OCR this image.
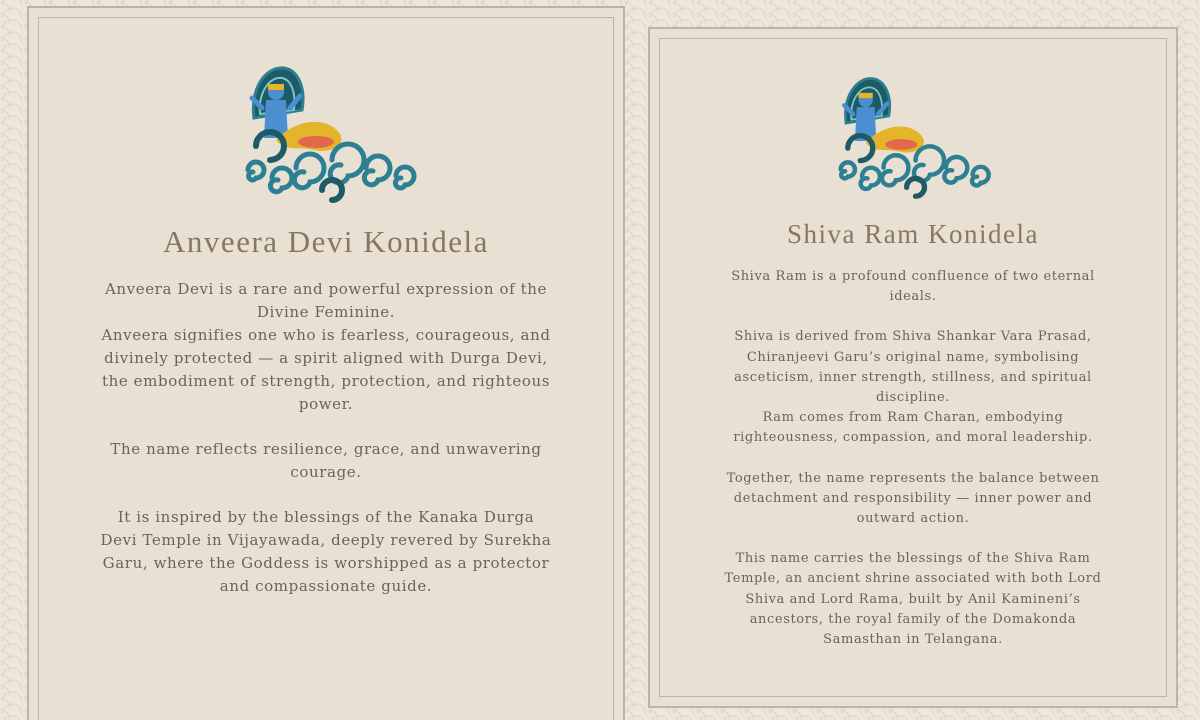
Anveera Devi Konidela

Anveera Devi is a rare and powerful expression of the Divine Feminine.
Anveera signifies one who is fearless, courageous, and divinely protected — a spirit aligned with Durga Devi, the embodiment of strength, protection, and righteous power.

The name reflects resilience, grace, and unwavering courage.

It is inspired by the blessings of the Kanaka Durga Devi Temple in Vijayawada, deeply revered by Surekha Garu, where the Goddess is worshipped as a protector and compassionate guide.

Shiva Ram Konidela

Shiva Ram is a profound confluence of two eternal ideals.

Shiva is derived from Shiva Shankar Vara Prasad, Chiranjeevi Garu’s original name, symbolising asceticism, inner strength, stillness, and spiritual discipline.
Ram comes from Ram Charan, embodying righteousness, compassion, and moral leadership.

Together, the name represents the balance between detachment and responsibility — inner power and outward action.

This name carries the blessings of the Shiva Ram Temple, an ancient shrine associated with both Lord Shiva and Lord Rama, built by Anil Kamineni’s ancestors, the royal family of the Domakonda Samasthan in Telangana.
